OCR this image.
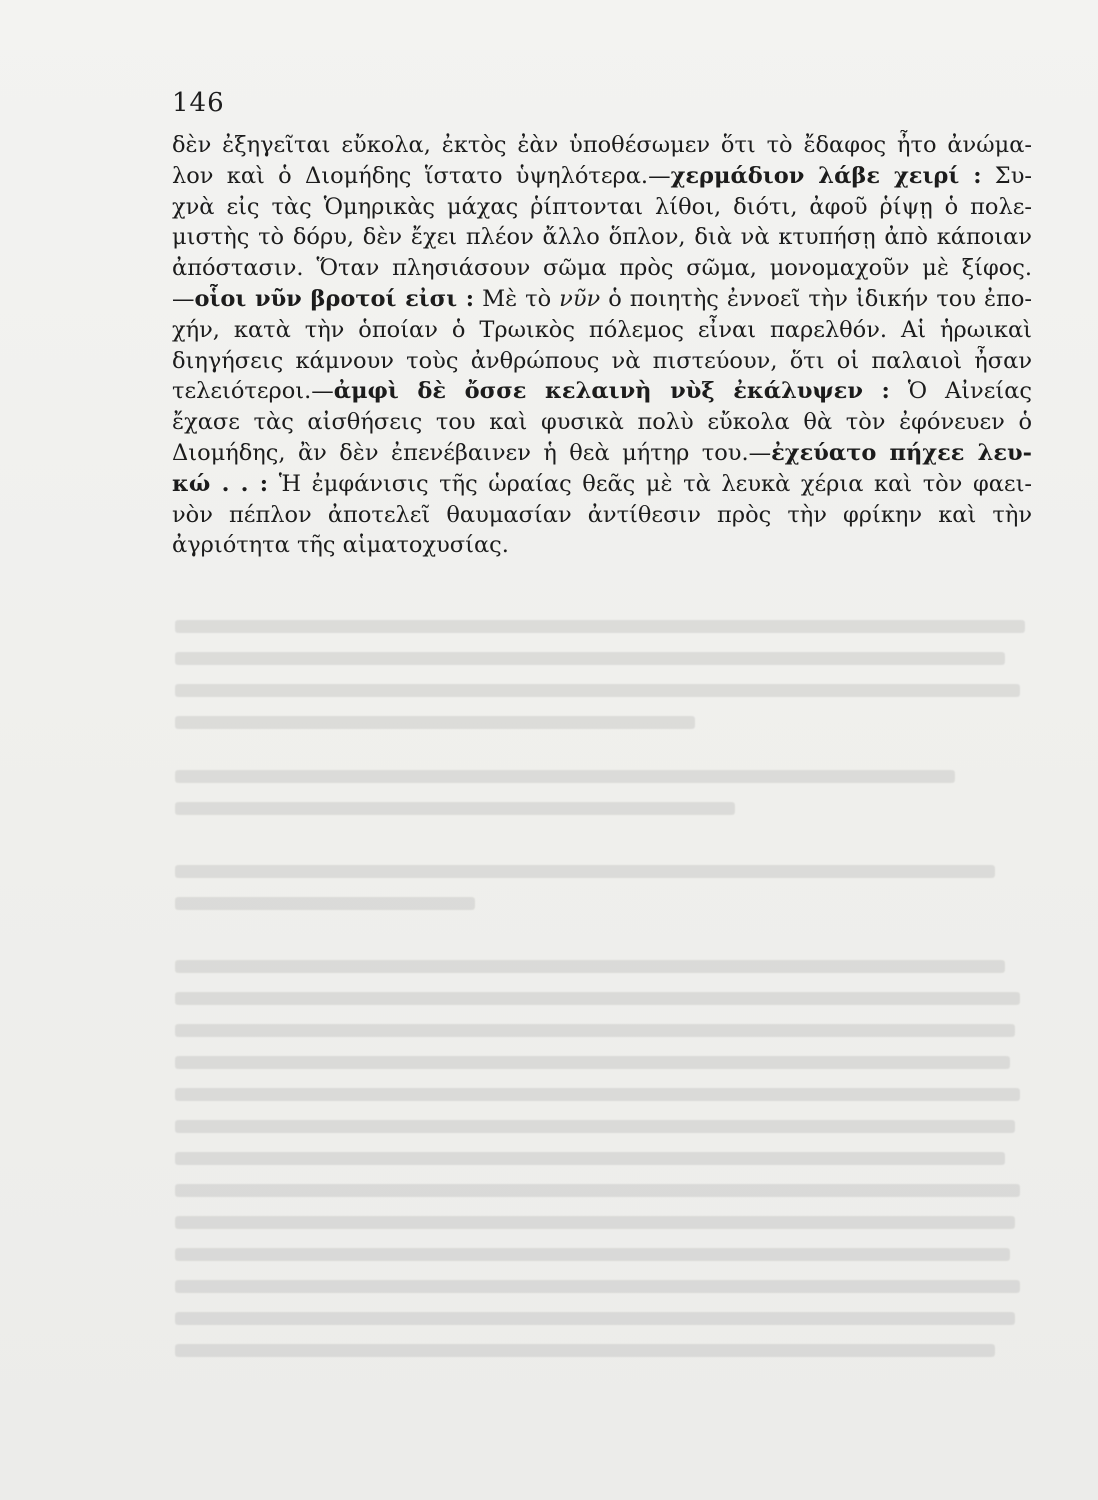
146
δὲν ἐξηγεῖται εὔκολα, ἐκτὸς ἐὰν ὑποθέσωμεν ὅτι τὸ ἔδαφος ἦτο ἀνώμα-
λον καὶ ὁ Διομήδης ἵστατο ὑψηλότερα.—χερμάδιον λάβε χειρί : Συ-
χνὰ εἰς τὰς Ὁμηρικὰς μάχας ῥίπτονται λίθοι, διότι, ἀφοῦ ῥίψῃ ὁ πολε-
μιστὴς τὸ δόρυ, δὲν ἔχει πλέον ἄλλο ὅπλον, διὰ νὰ κτυπήσῃ ἀπὸ κάποιαν
ἀπόστασιν. Ὅταν πλησιάσουν σῶμα πρὸς σῶμα, μονομαχοῦν μὲ ξίφος.
—οἷοι νῦν βροτοί εἰσι : Μὲ τὸ νῦν ὁ ποιητὴς ἐννοεῖ τὴν ἰδικήν του ἐπο-
χήν, κατὰ τὴν ὁποίαν ὁ Τρωικὸς πόλεμος εἶναι παρελθόν. Αἱ ἡρωικαὶ
διηγήσεις κάμνουν τοὺς ἀνθρώπους νὰ πιστεύουν, ὅτι οἱ παλαιοὶ ἦσαν
τελειότεροι.—ἀμφὶ δὲ ὄσσε κελαινὴ νὺξ ἐκάλυψεν : Ὁ Αἰνείας
ἔχασε τὰς αἰσθήσεις του καὶ φυσικὰ πολὺ εὔκολα θὰ τὸν ἐφόνευεν ὁ
Διομήδης, ἂν δὲν ἐπενέβαινεν ἡ θεὰ μήτηρ του.—ἐχεύατο πήχεε λευ-
κώ . . : Ἡ ἐμφάνισις τῆς ὡραίας θεᾶς μὲ τὰ λευκὰ χέρια καὶ τὸν φαει-
νὸν πέπλον ἀποτελεῖ θαυμασίαν ἀντίθεσιν πρὸς τὴν φρίκην καὶ τὴν
ἀγριότητα τῆς αἱματοχυσίας.
